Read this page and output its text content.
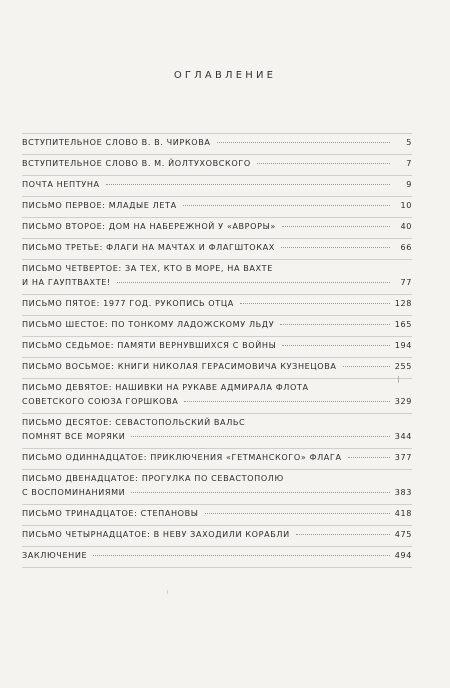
ОГЛАВЛЕНИЕ
ВСТУПИТЕЛЬНОЕ СЛОВО В. В. ЧИРКОВА	5
ВСТУПИТЕЛЬНОЕ СЛОВО В. М. ЙОЛТУХОВСКОГО	7
ПОЧТА НЕПТУНА	9
ПИСЬМО ПЕРВОЕ: МЛАДЫЕ ЛЕТА	10
ПИСЬМО ВТОРОЕ: ДОМ НА НАБЕРЕЖНОЙ У «АВРОРЫ»	40
ПИСЬМО ТРЕТЬЕ: ФЛАГИ НА МАЧТАХ И ФЛАГШТОКАХ	66
ПИСЬМО ЧЕТВЕРТОЕ: ЗА ТЕХ, КТО В МОРЕ, НА ВАХТЕ
И НА ГАУПТВАХТЕ!	77
ПИСЬМО ПЯТОЕ: 1977 ГОД. РУКОПИСЬ ОТЦА	128
ПИСЬМО ШЕСТОЕ: ПО ТОНКОМУ ЛАДОЖСКОМУ ЛЬДУ	165
ПИСЬМО СЕДЬМОЕ: ПАМЯТИ ВЕРНУВШИХСЯ С ВОЙНЫ	194
ПИСЬМО ВОСЬМОЕ: КНИГИ НИКОЛАЯ ГЕРАСИМОВИЧА КУЗНЕЦОВА	255
ПИСЬМО ДЕВЯТОЕ: НАШИВКИ НА РУКАВЕ АДМИРАЛА ФЛОТА
СОВЕТСКОГО СОЮЗА ГОРШКОВА	329
ПИСЬМО ДЕСЯТОЕ: СЕВАСТОПОЛЬСКИЙ ВАЛЬС
ПОМНЯТ ВСЕ МОРЯКИ	344
ПИСЬМО ОДИННАДЦАТОЕ: ПРИКЛЮЧЕНИЯ «ГЕТМАНСКОГО» ФЛАГА	377
ПИСЬМО ДВЕНАДЦАТОЕ: ПРОГУЛКА ПО СЕВАСТОПОЛЮ
С ВОСПОМИНАНИЯМИ	383
ПИСЬМО ТРИНАДЦАТОЕ: СТЕПАНОВЫ	418
ПИСЬМО ЧЕТЫРНАДЦАТОЕ: В НЕВУ ЗАХОДИЛИ КОРАБЛИ	475
ЗАКЛЮЧЕНИЕ	494
